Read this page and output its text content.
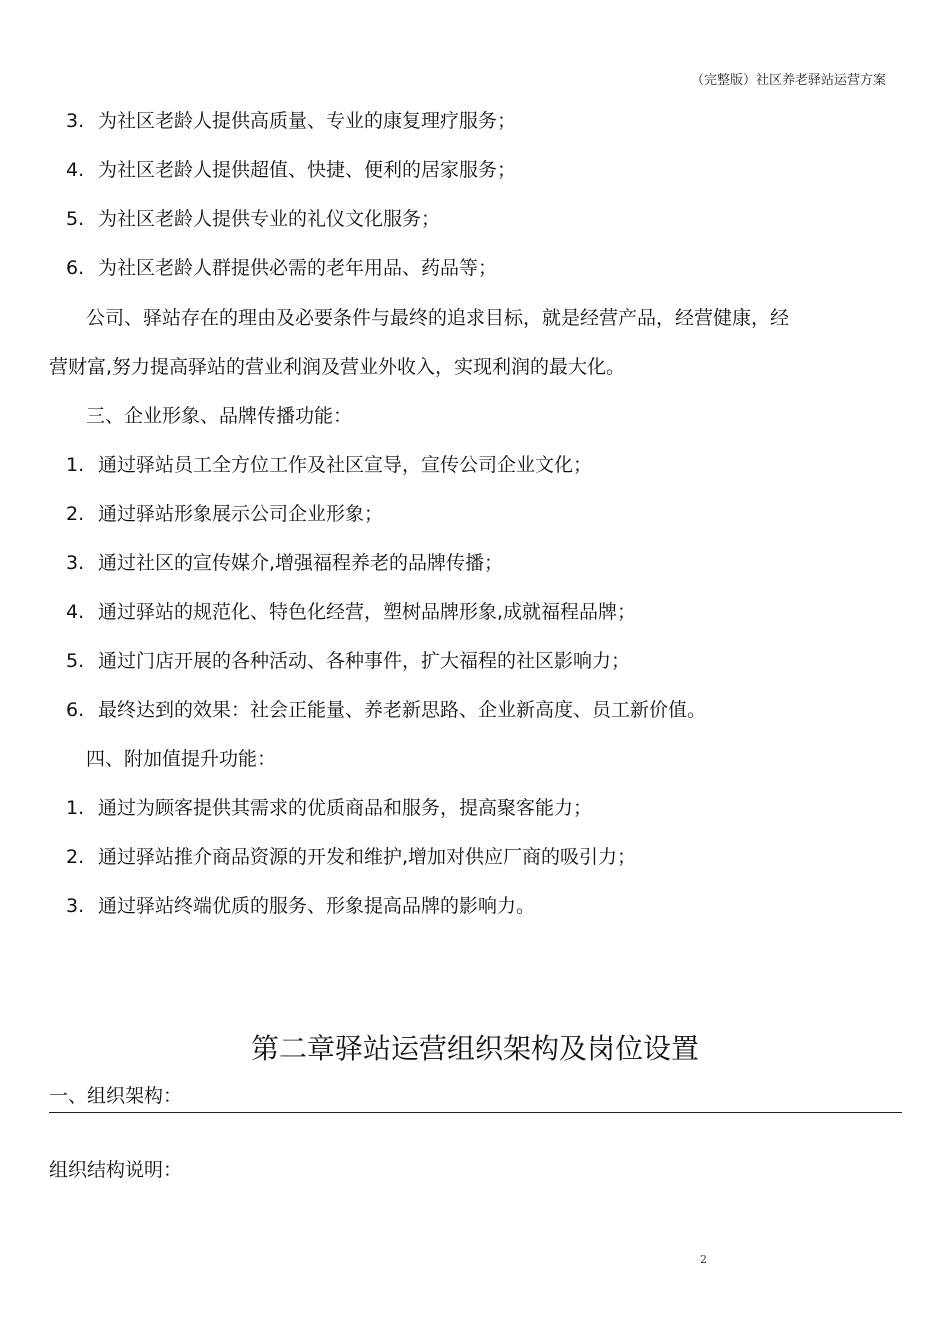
（完整版）社区养老驿站运营方案
3. 为社区老龄人提供高质量、专业的康复理疗服务；
4. 为社区老龄人提供超值、快捷、便利的居家服务；
5. 为社区老龄人提供专业的礼仪文化服务；
6. 为社区老龄人群提供必需的老年用品、药品等；
公司、驿站存在的理由及必要条件与最终的追求目标，就是经营产品，经营健康，经
营财富,努力提高驿站的营业利润及营业外收入，实现利润的最大化。
三、企业形象、品牌传播功能：
1. 通过驿站员工全方位工作及社区宣导，宣传公司企业文化；
2. 通过驿站形象展示公司企业形象；
3. 通过社区的宣传媒介,增强福程养老的品牌传播；
4. 通过驿站的规范化、特色化经营，塑树品牌形象,成就福程品牌；
5. 通过门店开展的各种活动、各种事件，扩大福程的社区影响力；
6. 最终达到的效果：社会正能量、养老新思路、企业新高度、员工新价值。
四、附加值提升功能：
1. 通过为顾客提供其需求的优质商品和服务，提高聚客能力；
2. 通过驿站推介商品资源的开发和维护,增加对供应厂商的吸引力；
3. 通过驿站终端优质的服务、形象提高品牌的影响力。
第二章驿站运营组织架构及岗位设置
一、组织架构：
组织结构说明：
2
